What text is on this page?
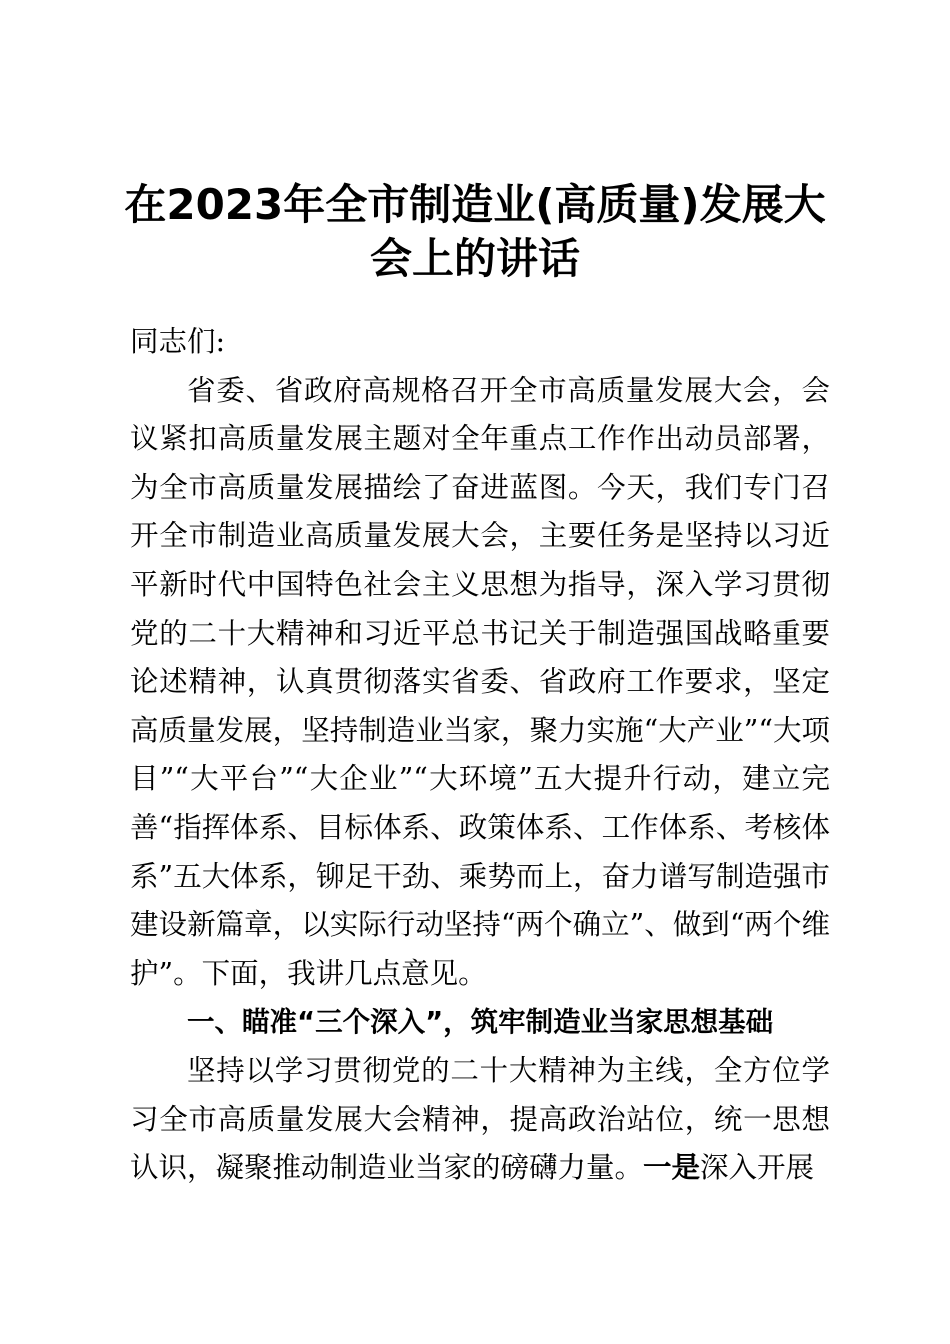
在2023年全市制造业(高质量)发展大会上的讲话

同志们:

省委、省政府高规格召开全市高质量发展大会，会议紧扣高质量发展主题对全年重点工作作出动员部署，为全市高质量发展描绘了奋进蓝图。今天，我们专门召开全市制造业高质量发展大会，主要任务是坚持以习近平新时代中国特色社会主义思想为指导，深入学习贯彻党的二十大精神和习近平总书记关于制造强国战略重要论述精神，认真贯彻落实省委、省政府工作要求，坚定高质量发展，坚持制造业当家，聚力实施“大产业”“大项目”“大平台”“大企业”“大环境”五大提升行动，建立完善“指挥体系、目标体系、政策体系、工作体系、考核体系”五大体系，铆足干劲、乘势而上，奋力谱写制造强市建设新篇章，以实际行动坚持“两个确立”、做到“两个维护”。下面，我讲几点意见。

一、瞄准“三个深入”，筑牢制造业当家思想基础

坚持以学习贯彻党的二十大精神为主线，全方位学习全市高质量发展大会精神，提高政治站位，统一思想认识，凝聚推动制造业当家的磅礴力量。一是深入开展
